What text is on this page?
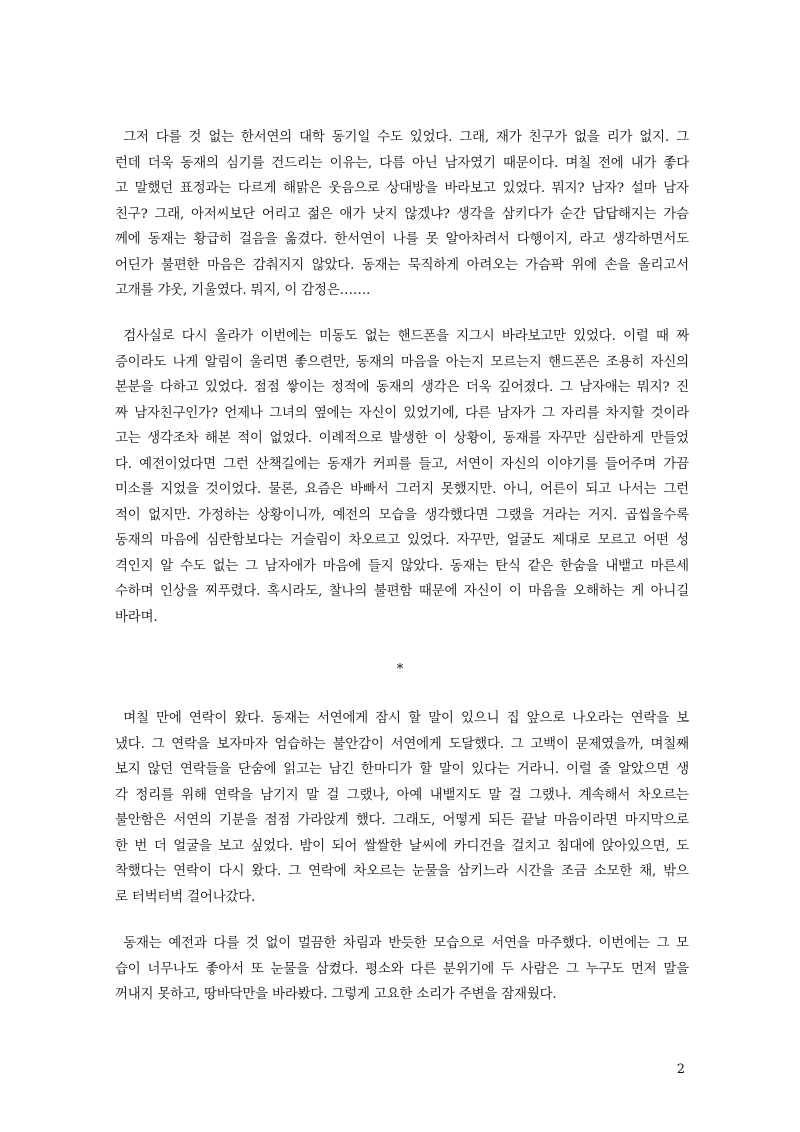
그저 다를 것 없는 한서연의 대학 동기일 수도 있었다. 그래, 재가 친구가 없을 리가 없지. 그
런데 더욱 동재의 심기를 건드리는 이유는, 다름 아닌 남자였기 때문이다. 며칠 전에 내가 좋다
고 말했던 표정과는 다르게 해맑은 웃음으로 상대방을 바라보고 있었다. 뭐지? 남자? 설마 남자
친구? 그래, 아저씨보단 어리고 젊은 애가 낫지 않겠냐? 생각을 삼키다가 순간 답답해지는 가슴
께에 동재는 황급히 걸음을 옮겼다. 한서연이 나를 못 알아차려서 다행이지, 라고 생각하면서도
어딘가 불편한 마음은 감춰지지 않았다. 동재는 묵직하게 아려오는 가슴팍 위에 손을 올리고서
고개를 갸웃, 기울였다. 뭐지, 이 감정은…….
검사실로 다시 올라가 이번에는 미동도 없는 핸드폰을 지그시 바라보고만 있었다. 이럴 때 짜
증이라도 나게 알림이 울리면 좋으련만, 동재의 마음을 아는지 모르는지 핸드폰은 조용히 자신의
본분을 다하고 있었다. 점점 쌓이는 정적에 동재의 생각은 더욱 깊어졌다. 그 남자애는 뭐지? 진
짜 남자친구인가? 언제나 그녀의 옆에는 자신이 있었기에, 다른 남자가 그 자리를 차지할 것이라
고는 생각조차 해본 적이 없었다. 이례적으로 발생한 이 상황이, 동재를 자꾸만 심란하게 만들었
다. 예전이었다면 그런 산책길에는 동재가 커피를 들고, 서연이 자신의 이야기를 들어주며 가끔
미소를 지었을 것이었다. 물론, 요즘은 바빠서 그러지 못했지만. 아니, 어른이 되고 나서는 그런
적이 없지만. 가정하는 상황이니까, 예전의 모습을 생각했다면 그랬을 거라는 거지. 곱씹을수록
동재의 마음에 심란함보다는 거슬림이 차오르고 있었다. 자꾸만, 얼굴도 제대로 모르고 어떤 성
격인지 알 수도 없는 그 남자애가 마음에 들지 않았다. 동재는 탄식 같은 한숨을 내뱉고 마른세
수하며 인상을 찌푸렸다. 혹시라도, 찰나의 불편함 때문에 자신이 이 마음을 오해하는 게 아니길
바라며.
*
며칠 만에 연락이 왔다. 동재는 서연에게 잠시 할 말이 있으니 집 앞으로 나오라는 연락을 보
냈다. 그 연락을 보자마자 엄습하는 불안감이 서연에게 도달했다. 그 고백이 문제였을까, 며칠째
보지 않던 연락들을 단숨에 읽고는 남긴 한마디가 할 말이 있다는 거라니. 이럴 줄 알았으면 생
각 정리를 위해 연락을 남기지 말 걸 그랬나, 아예 내뱉지도 말 걸 그랬나. 계속해서 차오르는
불안함은 서연의 기분을 점점 가라앉게 했다. 그래도, 어떻게 되든 끝날 마음이라면 마지막으로
한 번 더 얼굴을 보고 싶었다. 밤이 되어 쌀쌀한 날씨에 카디건을 걸치고 침대에 앉아있으면, 도
착했다는 연락이 다시 왔다. 그 연락에 차오르는 눈물을 삼키느라 시간을 조금 소모한 채, 밖으
로 터벅터벅 걸어나갔다.
동재는 예전과 다를 것 없이 멀끔한 차림과 반듯한 모습으로 서연을 마주했다. 이번에는 그 모
습이 너무나도 좋아서 또 눈물을 삼켰다. 평소와 다른 분위기에 두 사람은 그 누구도 먼저 말을
꺼내지 못하고, 땅바닥만을 바라봤다. 그렇게 고요한 소리가 주변을 잠재웠다.
2
